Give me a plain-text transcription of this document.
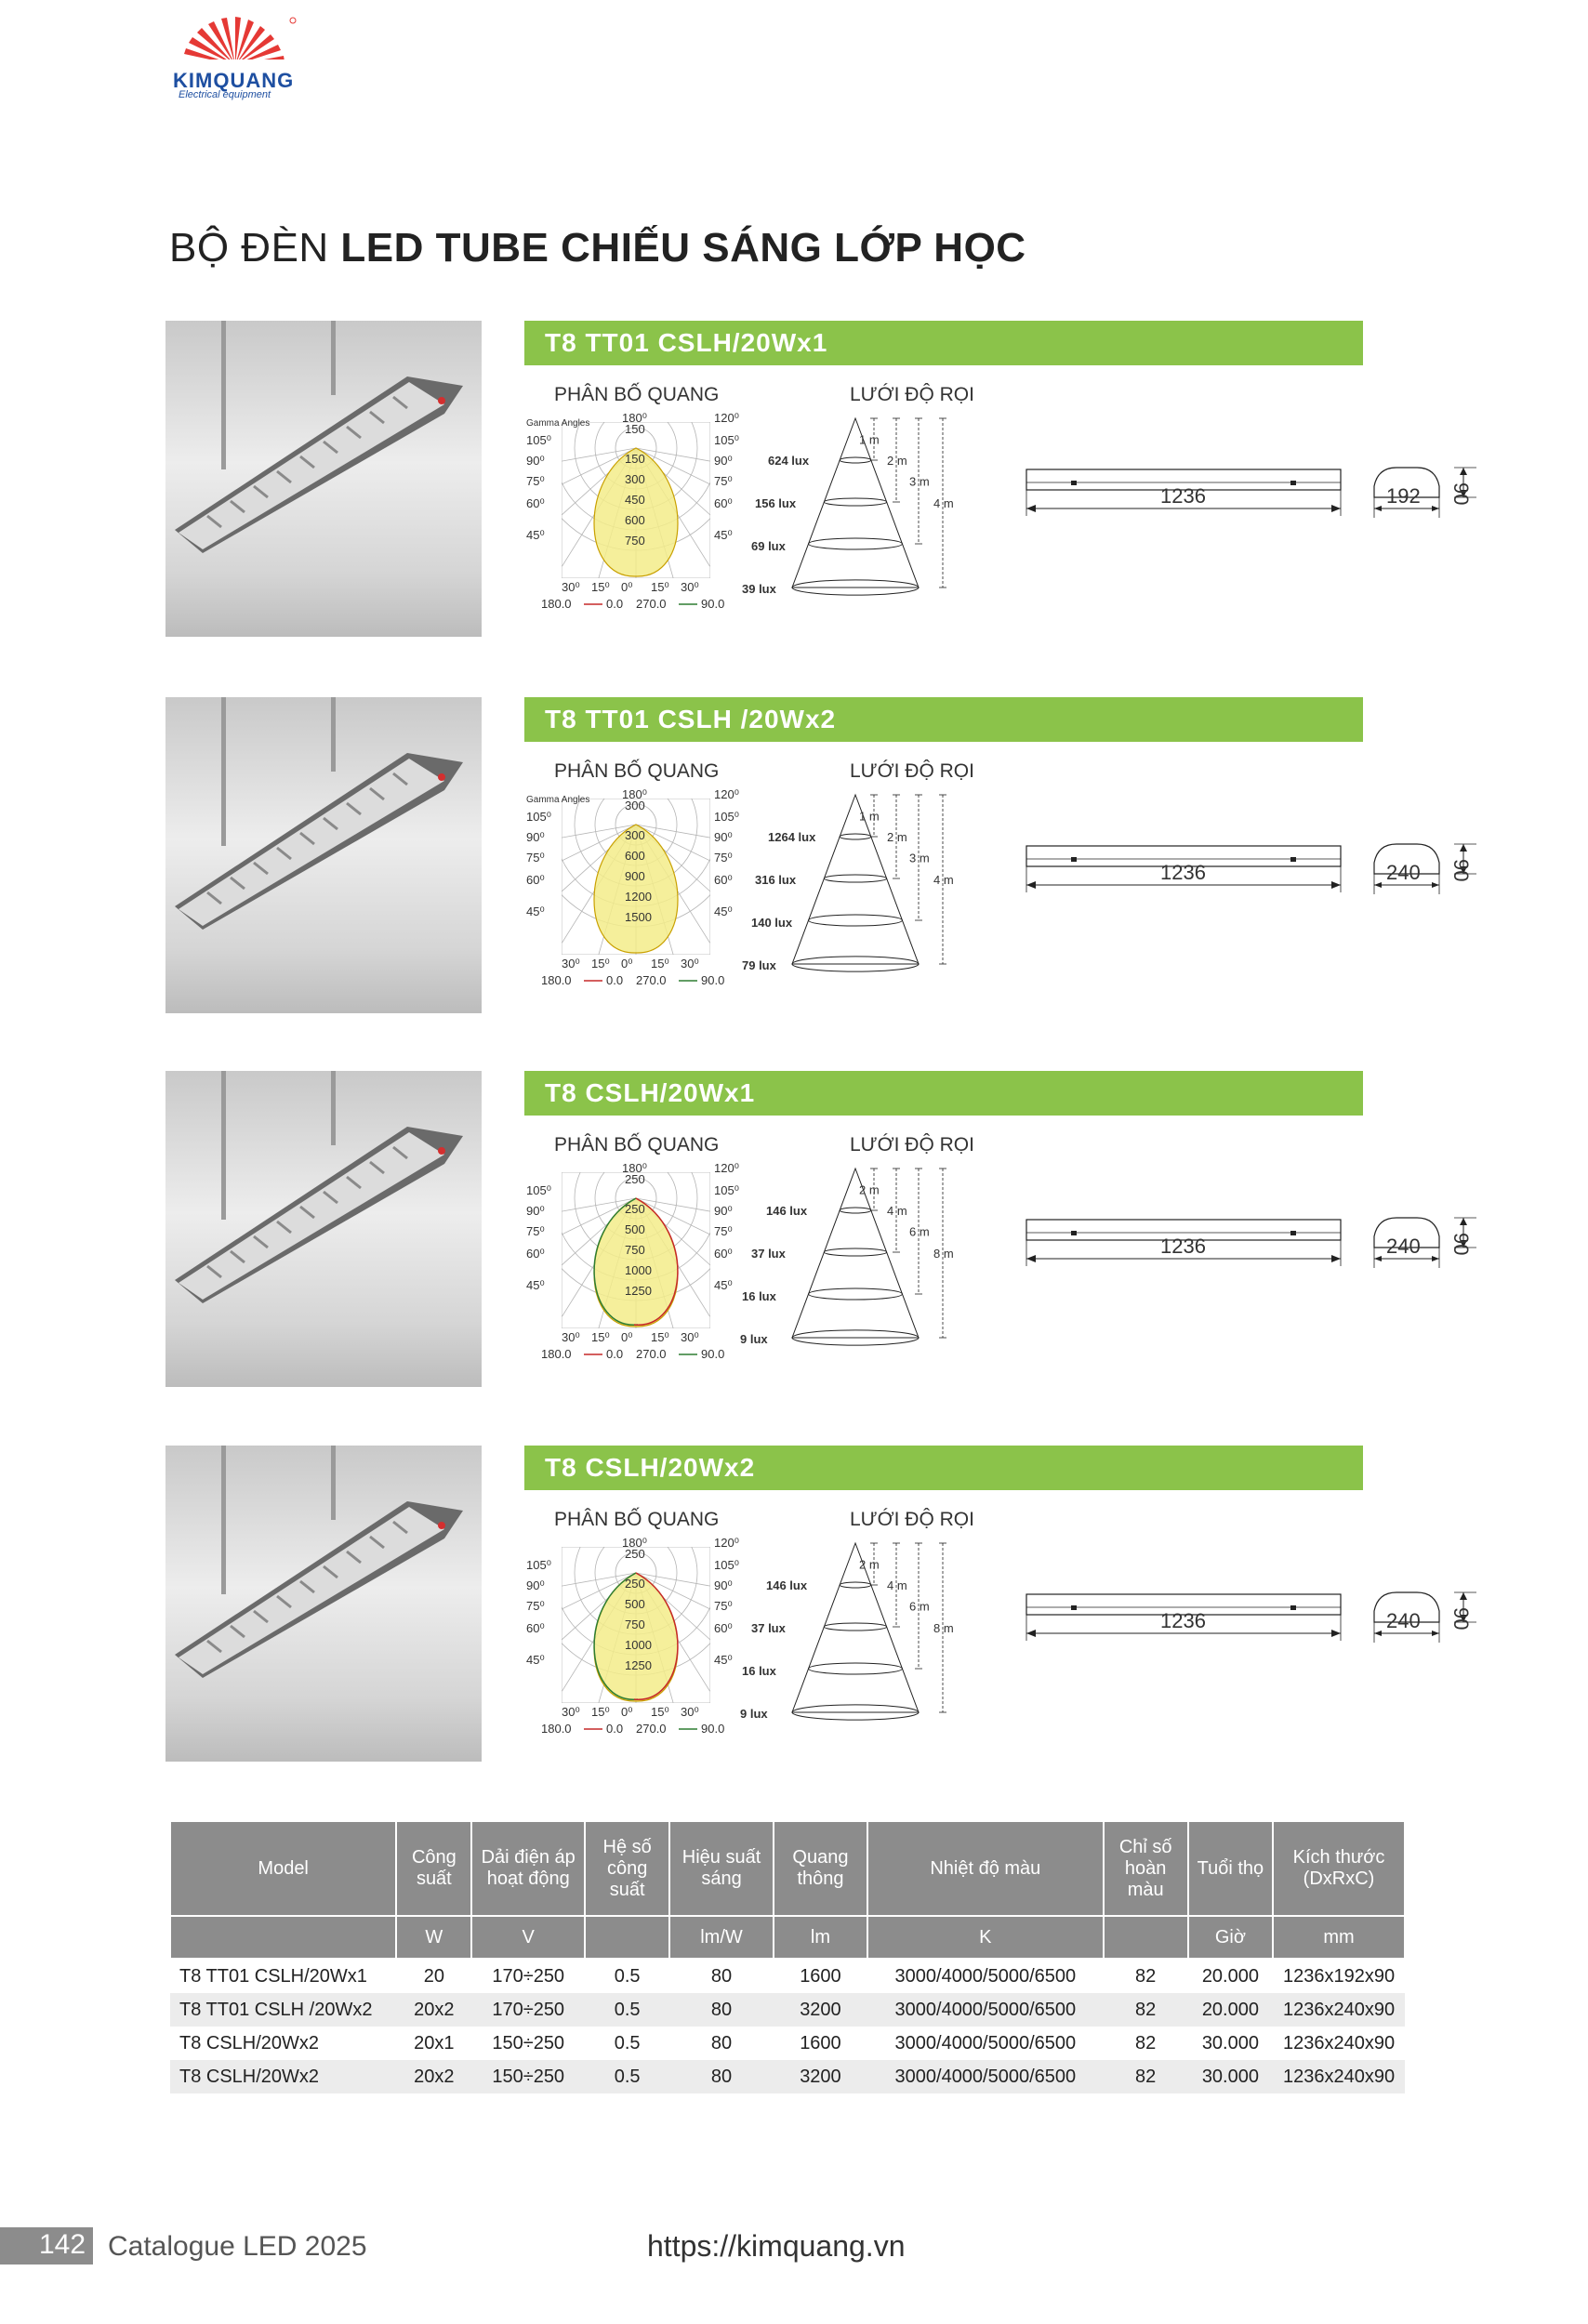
KIMQUANG
Electrical equipment
BỘ ĐÈN LED TUBE CHIẾU SÁNG LỚP HỌC
T8 TT01 CSLH/20Wx1
PHÂN BỐ QUANG	LƯỚI ĐỘ RỌI
Gamma Angles	180⁰	120⁰
105⁰	105⁰
90⁰	90⁰
75⁰	75⁰
60⁰	60⁰
45⁰	45⁰
150
150
300
450
600
750
30⁰ 15⁰ 0⁰ 15⁰ 30⁰
180.0	0.0 270.0	90.0
624 lux
156 lux
69 lux
39 lux
1 m
2 m
3 m
4 m	1236	192 90
T8 TT01 CSLH /20Wx2
PHÂN BỐ QUANG	LƯỚI ĐỘ RỌI
Gamma Angles	180⁰	120⁰
105⁰	105⁰
90⁰	90⁰
75⁰	75⁰
60⁰	60⁰
45⁰	45⁰
300
300
600
900
1200
1500
30⁰ 15⁰ 0⁰ 15⁰ 30⁰
180.0	0.0 270.0	90.0
1264 lux
316 lux
140 lux
79 lux
1 m
2 m
3 m
4 m	1236	240 90
T8 CSLH/20Wx1
PHÂN BỐ QUANG	LƯỚI ĐỘ RỌI
180⁰	120⁰
105⁰	105⁰
90⁰	90⁰
75⁰	75⁰
60⁰	60⁰
45⁰	45⁰
250
250
500
750
1000
1250
30⁰ 15⁰ 0⁰ 15⁰ 30⁰
180.0	0.0 270.0	90.0
146 lux
37 lux
16 lux
9 lux
2 m
4 m
6 m
8 m	1236	240 90
T8 CSLH/20Wx2
PHÂN BỐ QUANG	LƯỚI ĐỘ RỌI
180⁰	120⁰
105⁰	105⁰
90⁰	90⁰
75⁰	75⁰
60⁰	60⁰
45⁰	45⁰
250
250
500
750
1000
1250
30⁰ 15⁰ 0⁰ 15⁰ 30⁰
180.0	0.0 270.0	90.0
146 lux
37 lux
16 lux
9 lux
2 m
4 m
6 m
8 m	1236	240 90
Model	Công suất	Dải điện áp hoạt động	Hệ số công suất	Hiệu suất sáng	Quang thông	Nhiệt độ màu	Chỉ số hoàn màu	Tuổi thọ	Kích thước (DxRxC)
	W	V		lm/W	lm	K		Giờ	mm
T8 TT01 CSLH/20Wx1	20	170÷250	0.5	80	1600	3000/4000/5000/6500	82	20.000	1236x192x90
T8 TT01 CSLH /20Wx2	20x2	170÷250	0.5	80	3200	3000/4000/5000/6500	82	20.000	1236x240x90
T8 CSLH/20Wx2	20x1	150÷250	0.5	80	1600	3000/4000/5000/6500	82	30.000	1236x240x90
T8 CSLH/20Wx2	20x2	150÷250	0.5	80	3200	3000/4000/5000/6500	82	30.000	1236x240x90
142 Catalogue LED 2025	https://kimquang.vn
